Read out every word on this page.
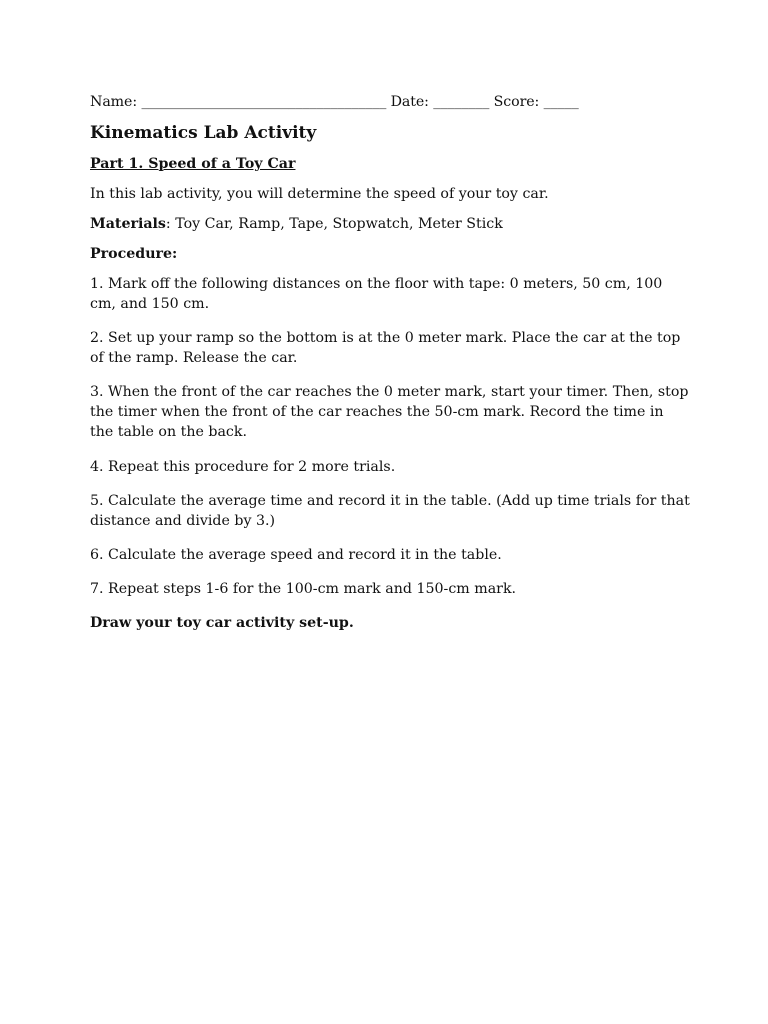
Name: ___________________________________ Date: ________ Score: _____
Kinematics Lab Activity
Part 1. Speed of a Toy Car

In this lab activity, you will determine the speed of your toy car.

Materials: Toy Car, Ramp, Tape, Stopwatch, Meter Stick

Procedure:

1. Mark off the following distances on the floor with tape: 0 meters, 50 cm, 100 cm, and 150 cm.

2. Set up your ramp so the bottom is at the 0 meter mark. Place the car at the top of the ramp. Release the car.

3. When the front of the car reaches the 0 meter mark, start your timer. Then, stop the timer when the front of the car reaches the 50-cm mark. Record the time in the table on the back.

4. Repeat this procedure for 2 more trials.

5. Calculate the average time and record it in the table. (Add up time trials for that distance and divide by 3.)

6. Calculate the average speed and record it in the table.

7. Repeat steps 1-6 for the 100-cm mark and 150-cm mark.

Draw your toy car activity set-up.
